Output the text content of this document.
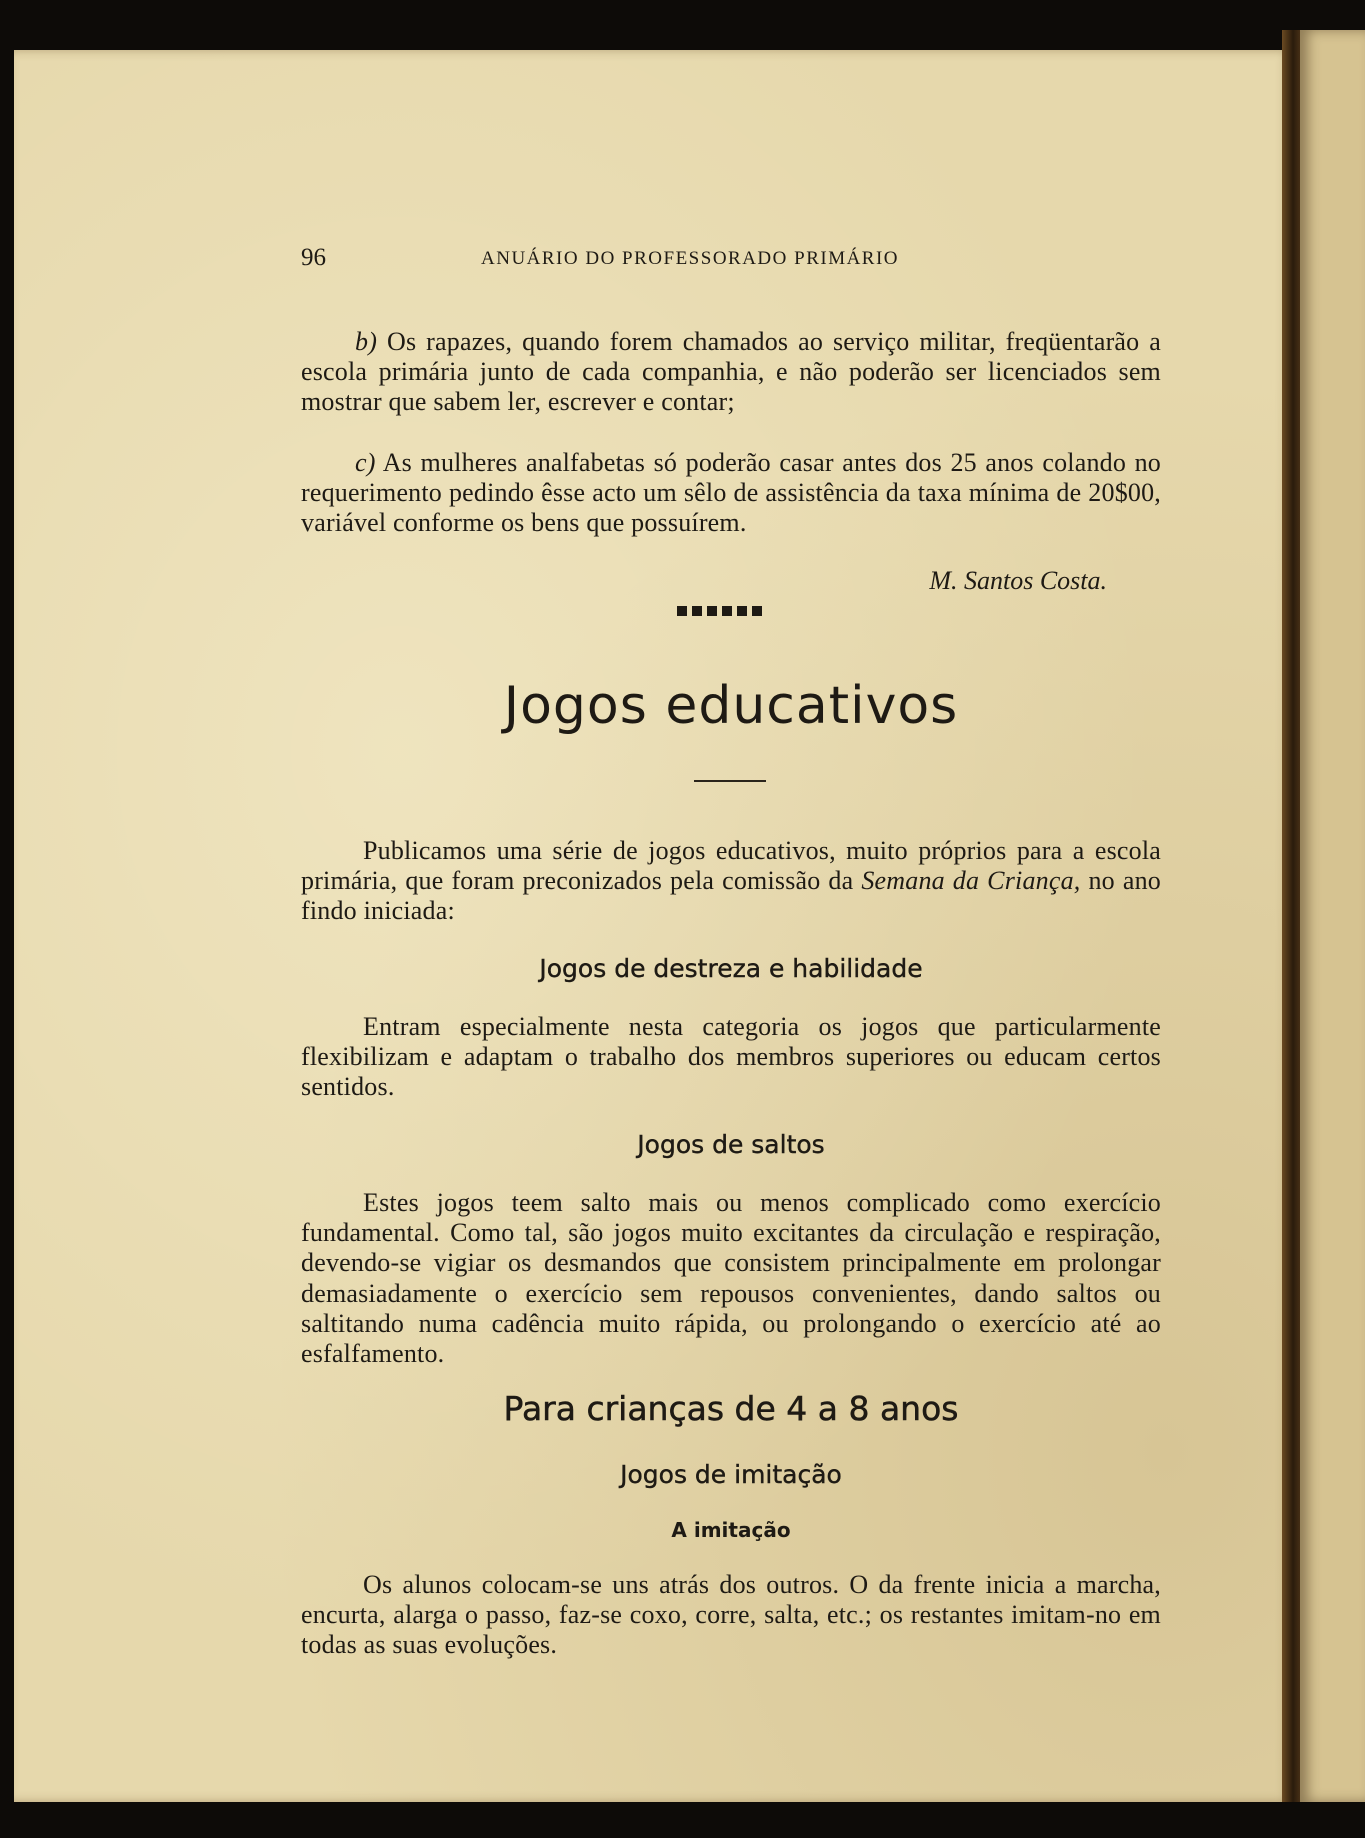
96	ANUÁRIO DO PROFESSORADO PRIMÁRIO

b) Os rapazes, quando forem chamados ao serviço militar, freqüentarão a escola primária junto de cada companhia, e não poderão ser licenciados sem mostrar que sabem ler, escrever e contar;

c) As mulheres analfabetas só poderão casar antes dos 25 anos colando no requerimento pedindo êsse acto um sêlo de assistência da taxa mínima de 20$00, variável conforme os bens que possuírem.

M. Santos Costa.
Jogos educativos

Publicamos uma série de jogos educativos, muito próprios para a escola primária, que foram preconizados pela comissão da Semana da Criança, no ano findo iniciada:

Jogos de destreza e habilidade

Entram especialmente nesta categoria os jogos que particularmente flexibilizam e adaptam o trabalho dos membros superiores ou educam certos sentidos.

Jogos de saltos

Estes jogos teem salto mais ou menos complicado como exercício fundamental. Como tal, são jogos muito excitantes da circulação e respiração, devendo-se vigiar os desmandos que consistem principalmente em prolongar demasiadamente o exercício sem repousos convenientes, dando saltos ou saltitando numa cadência muito rápida, ou prolongando o exercício até ao esfalfamento.

Para crianças de 4 a 8 anos
Jogos de imitação
A imitação

Os alunos colocam-se uns atrás dos outros. O da frente inicia a marcha, encurta, alarga o passo, faz-se coxo, corre, salta, etc.; os restantes imitam-no em todas as suas evoluções.
